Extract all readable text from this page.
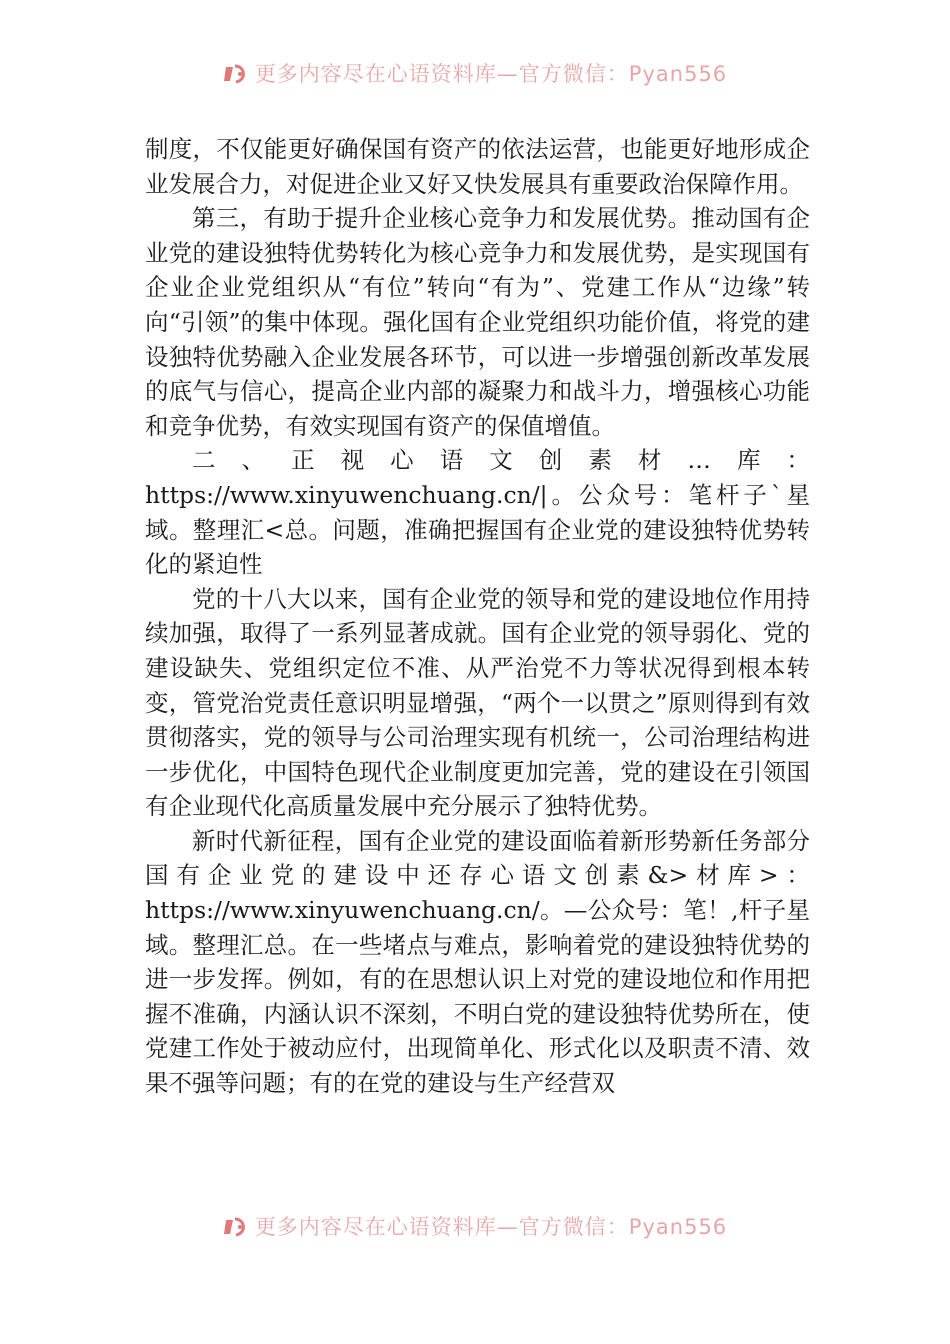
更多内容尽在心语资料库—官方微信：Pyan556

制度，不仅能更好确保国有资产的依法运营，也能更好地形成企业发展合力，对促进企业又好又快发展具有重要政治保障作用。

第三，有助于提升企业核心竞争力和发展优势。推动国有企业党的建设独特优势转化为核心竞争力和发展优势，是实现国有企业企业党组织从“有位”转向“有为”、党建工作从“边缘”转向“引领”的集中体现。强化国有企业党组织功能价值，将党的建设独特优势融入企业发展各环节，可以进一步增强创新改革发展的底气与信心，提高企业内部的凝聚力和战斗力，增强核心功能和竞争优势，有效实现国有资产的保值增值。

二、正视心语文创素材…库：https://www.xinyuwenchuang.cn/|。公众号：笔杆子`星域。整理汇<总。问题，准确把握国有企业党的建设独特优势转化的紧迫性

党的十八大以来，国有企业党的领导和党的建设地位作用持续加强，取得了一系列显著成就。国有企业党的领导弱化、党的建设缺失、党组织定位不准、从严治党不力等状况得到根本转变，管党治党责任意识明显增强，“两个一以贯之”原则得到有效贯彻落实，党的领导与公司治理实现有机统一，公司治理结构进一步优化，中国特色现代企业制度更加完善，党的建设在引领国有企业现代化高质量发展中充分展示了独特优势。

新时代新征程，国有企业党的建设面临着新形势新任务部分国有企业党的建设中还存心语文创素&>材库>：https://www.xinyuwenchuang.cn/。—公众号：笔！,杆子星域。整理汇总。在一些堵点与难点，影响着党的建设独特优势的进一步发挥。例如，有的在思想认识上对党的建设地位和作用把握不准确，内涵认识不深刻，不明白党的建设独特优势所在，使党建工作处于被动应付，出现简单化、形式化以及职责不清、效果不强等问题；有的在党的建设与生产经营双

更多内容尽在心语资料库—官方微信：Pyan556
